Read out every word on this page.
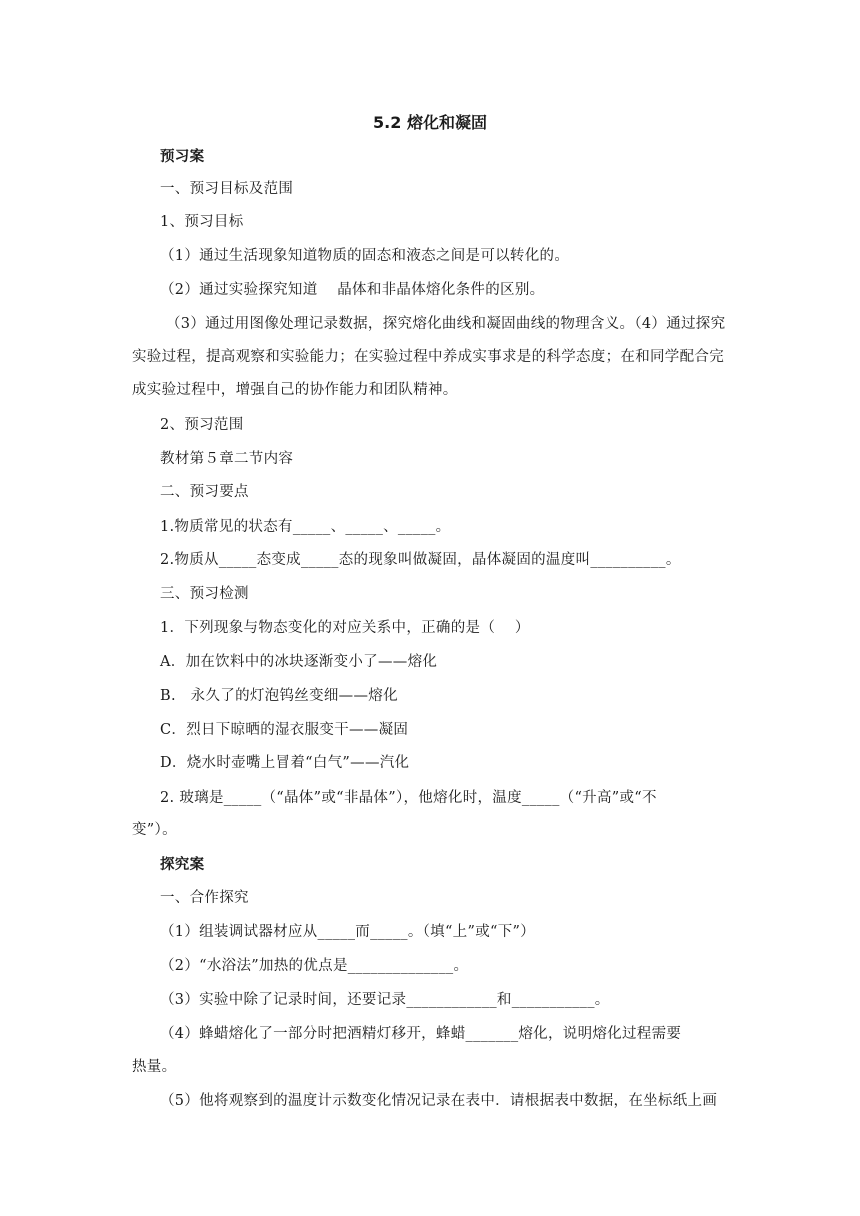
5.2 熔化和凝固
预习案
一、预习目标及范围
1、预习目标
（1）通过生活现象知道物质的固态和液态之间是可以转化的。
（2）通过实验探究知道　 晶体和非晶体熔化条件的区别。
（3）通过用图像处理记录数据，探究熔化曲线和凝固曲线的物理含义。（4）通过探究
实验过程，提高观察和实验能力；在实验过程中养成实事求是的科学态度；在和同学配合完
成实验过程中，增强自己的协作能力和团队精神。
2、预习范围
教材第５章二节内容
二、预习要点
1.物质常见的状态有_____、_____、_____。
2.物质从_____态变成_____态的现象叫做凝固，晶体凝固的温度叫__________。
三、预习检测
1．下列现象与物态变化的对应关系中，正确的是（　 ）
A．加在饮料中的冰块逐渐变小了——熔化
B.　永久了的灯泡钨丝变细——熔化
C．烈日下晾晒的湿衣服变干——凝固
D．烧水时壶嘴上冒着“白气”——汽化
2. 玻璃是_____（“晶体”或“非晶体”），他熔化时，温度_____（“升高”或“不
变”）。
探究案
一、合作探究
（1）组装调试器材应从_____而_____。（填“上”或“下”）
（2）“水浴法”加热的优点是______________。
（3）实验中除了记录时间，还要记录____________和___________。
（4）蜂蜡熔化了一部分时把酒精灯移开，蜂蜡_______熔化，说明熔化过程需要
热量。
（5）他将观察到的温度计示数变化情况记录在表中．请根据表中数据，在坐标纸上画
